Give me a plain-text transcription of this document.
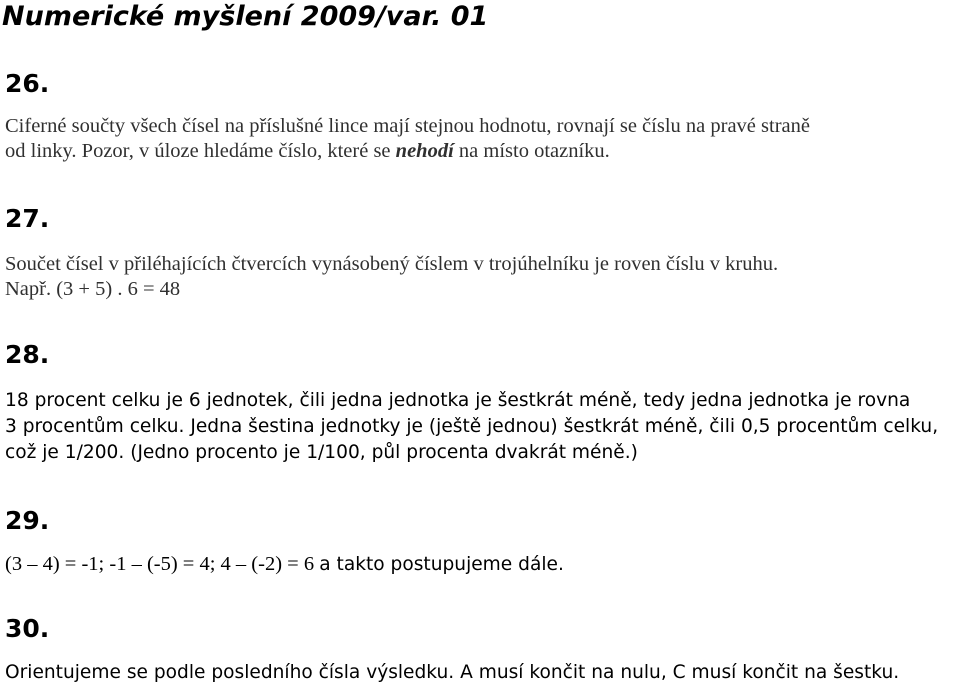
Numerické myšlení 2009/var. 01
26.

Ciferné součty všech čísel na příslušné lince mají stejnou hodnotu, rovnají se číslu na pravé straně
od linky. Pozor, v úloze hledáme číslo, které se nehodí na místo otazníku.

27.

Součet čísel v přiléhajících čtvercích vynásobený číslem v trojúhelníku je roven číslu v kruhu.
Např. (3 + 5) . 6 = 48

28.

18 procent celku je 6 jednotek, čili jedna jednotka je šestkrát méně, tedy jedna jednotka je rovna
3 procentům celku. Jedna šestina jednotky je (ještě jednou) šestkrát méně, čili 0,5 procentům celku,
což je 1/200. (Jedno procento je 1/100, půl procenta dvakrát méně.)

29.

(3 – 4) = -1; -1 – (-5) = 4; 4 – (-2) = 6 a takto postupujeme dále.

30.

Orientujeme se podle posledního čísla výsledku. A musí končit na nulu, C musí končit na šestku.
